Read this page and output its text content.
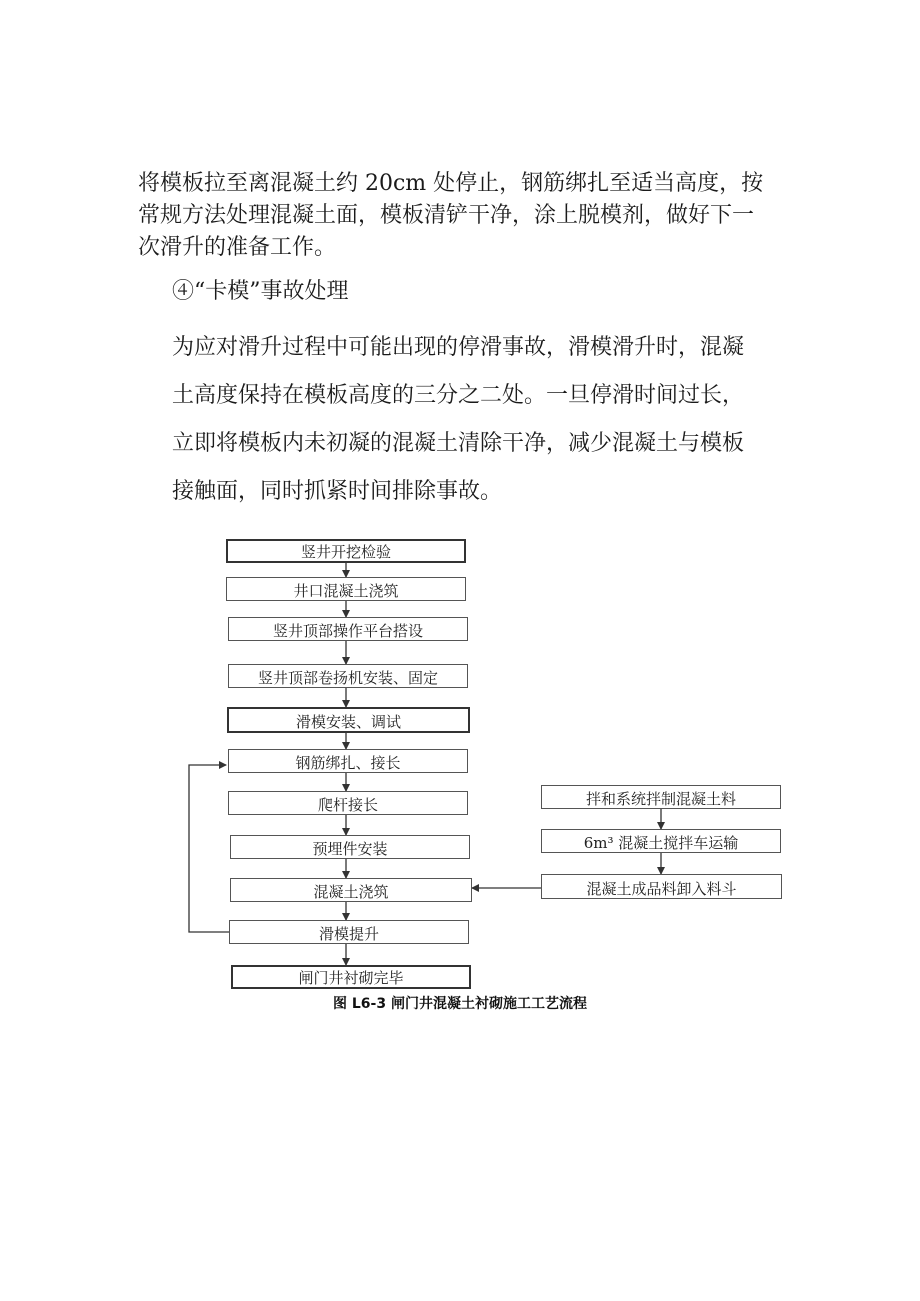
将模板拉至离混凝土约 20cm 处停止，钢筋绑扎至适当高度，按
常规方法处理混凝土面，模板清铲干净，涂上脱模剂，做好下一
次滑升的准备工作。
④“卡模”事故处理
为应对滑升过程中可能出现的停滑事故，滑模滑升时，混凝
土高度保持在模板高度的三分之二处。一旦停滑时间过长，
立即将模板内未初凝的混凝土清除干净，减少混凝土与模板
接触面，同时抓紧时间排除事故。
竖井开挖检验
井口混凝土浇筑
竖井顶部操作平台搭设
竖井顶部卷扬机安装、固定
滑模安装、调试
钢筋绑扎、接长
爬杆接长
预埋件安装
混凝土浇筑
滑模提升
闸门井衬砌完毕
拌和系统拌制混凝土料
6m³ 混凝土搅拌车运输
混凝土成品料卸入料斗
图 L6-3 闸门井混凝土衬砌施工工艺流程
